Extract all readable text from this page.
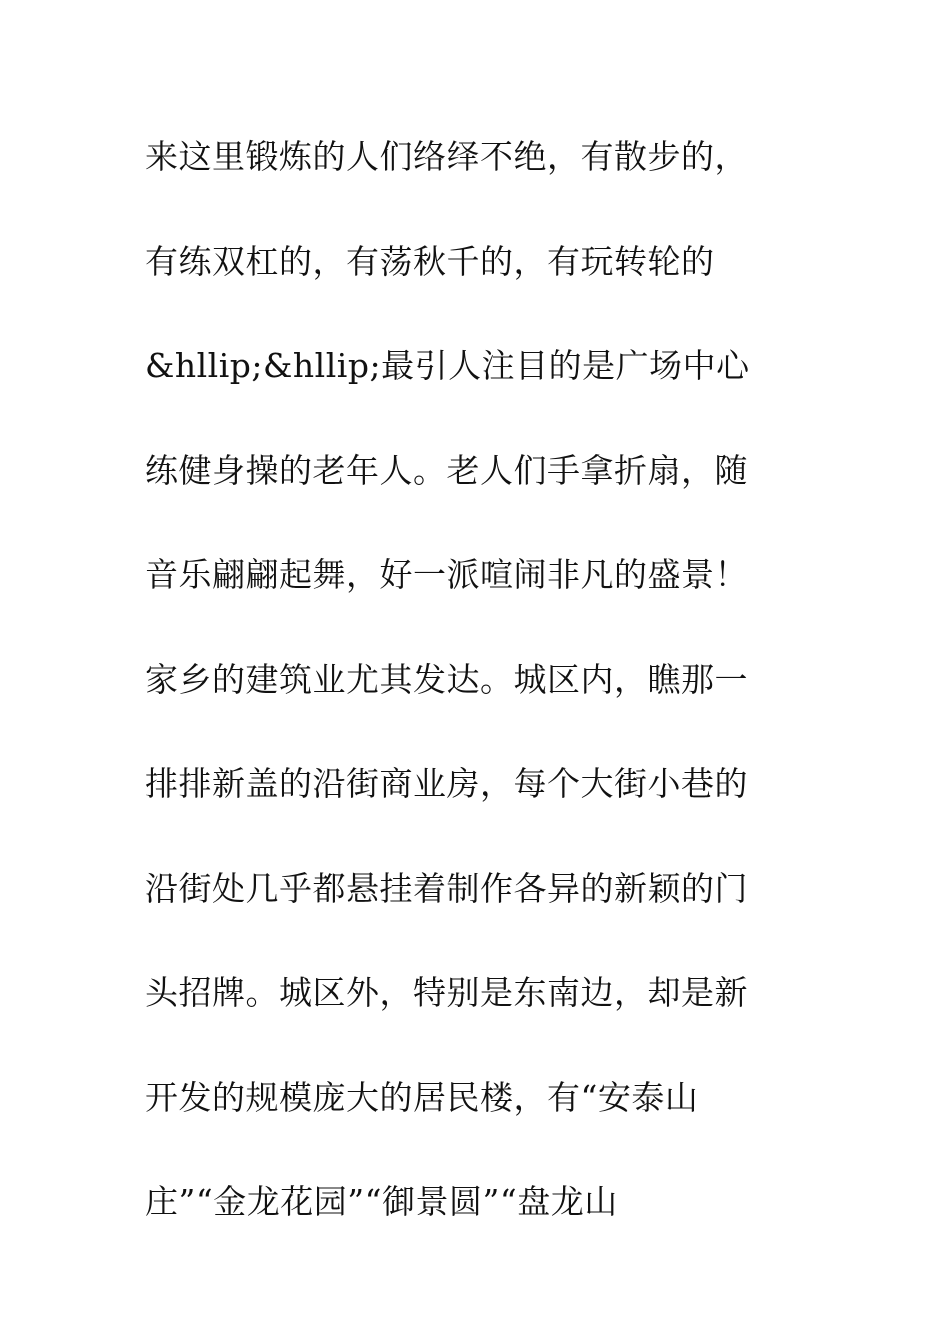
来这里锻炼的人们络绎不绝，有散步的，
有练双杠的，有荡秋千的，有玩转轮的
&hllip;&hllip;最引人注目的是广场中心
练健身操的老年人。老人们手拿折扇，随
音乐翩翩起舞，好一派喧闹非凡的盛景！
家乡的建筑业尤其发达。城区内，瞧那一
排排新盖的沿街商业房，每个大街小巷的
沿街处几乎都悬挂着制作各异的新颖的门
头招牌。城区外，特别是东南边，却是新
开发的规模庞大的居民楼，有“安泰山
庄”“金龙花园”“御景圆”“盘龙山
